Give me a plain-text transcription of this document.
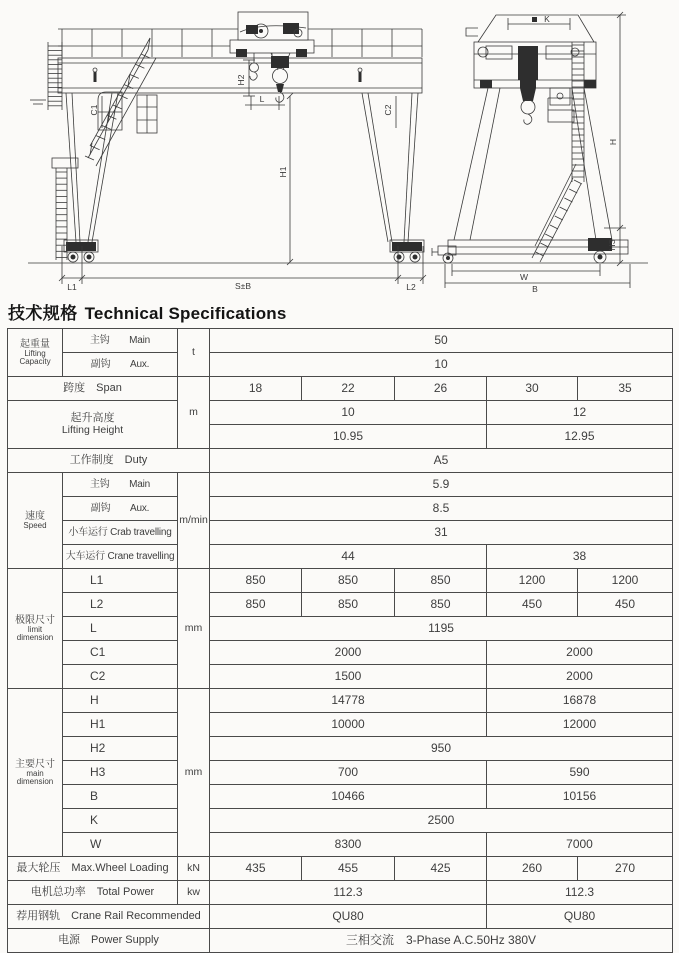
H2
L
H1
C1	C2
L1	S±B	L2
K
H
H3
W
B
技术规格 Technical Specifications
起重量
Lifting Capacity	主钩　　Main	t	50				
	副钩　　Aux.		10				
跨度　Span		m	18	22	26	30	35

起升高度
Lifting Height			10			12	
			10.95			12.95	
工作制度　Duty			A5				

速度
Speed	主钩　　Main	m/min	5.9				
	副钩　　Aux.		8.5				
	小车运行 Crab travelling		31				
	大车运行 Crane travelling		44			38	

极限尺寸
limit
dimension	L1	mm	850	850	850	1200	1200
	L2		850	850	850	450	450
	L		1195				
	C1		2000			2000	
	C2		1500			2000	

主要尺寸
main
dimension	H	mm	14778			16878	
	H1		10000			12000	
	H2		950				
	H3		700			590	
	B		10466			10156	
	K		2500				
	W		8300			7000	
最大轮压　Max.Wheel Loading		kN	435	455	425	260	270
电机总功率　Total Power		kw	112.3			112.3	
荐用钢轨　Crane Rail Recommended			QU80			QU80	
电源　Power Supply			三相交流　3-Phase A.C.50Hz 380V				
